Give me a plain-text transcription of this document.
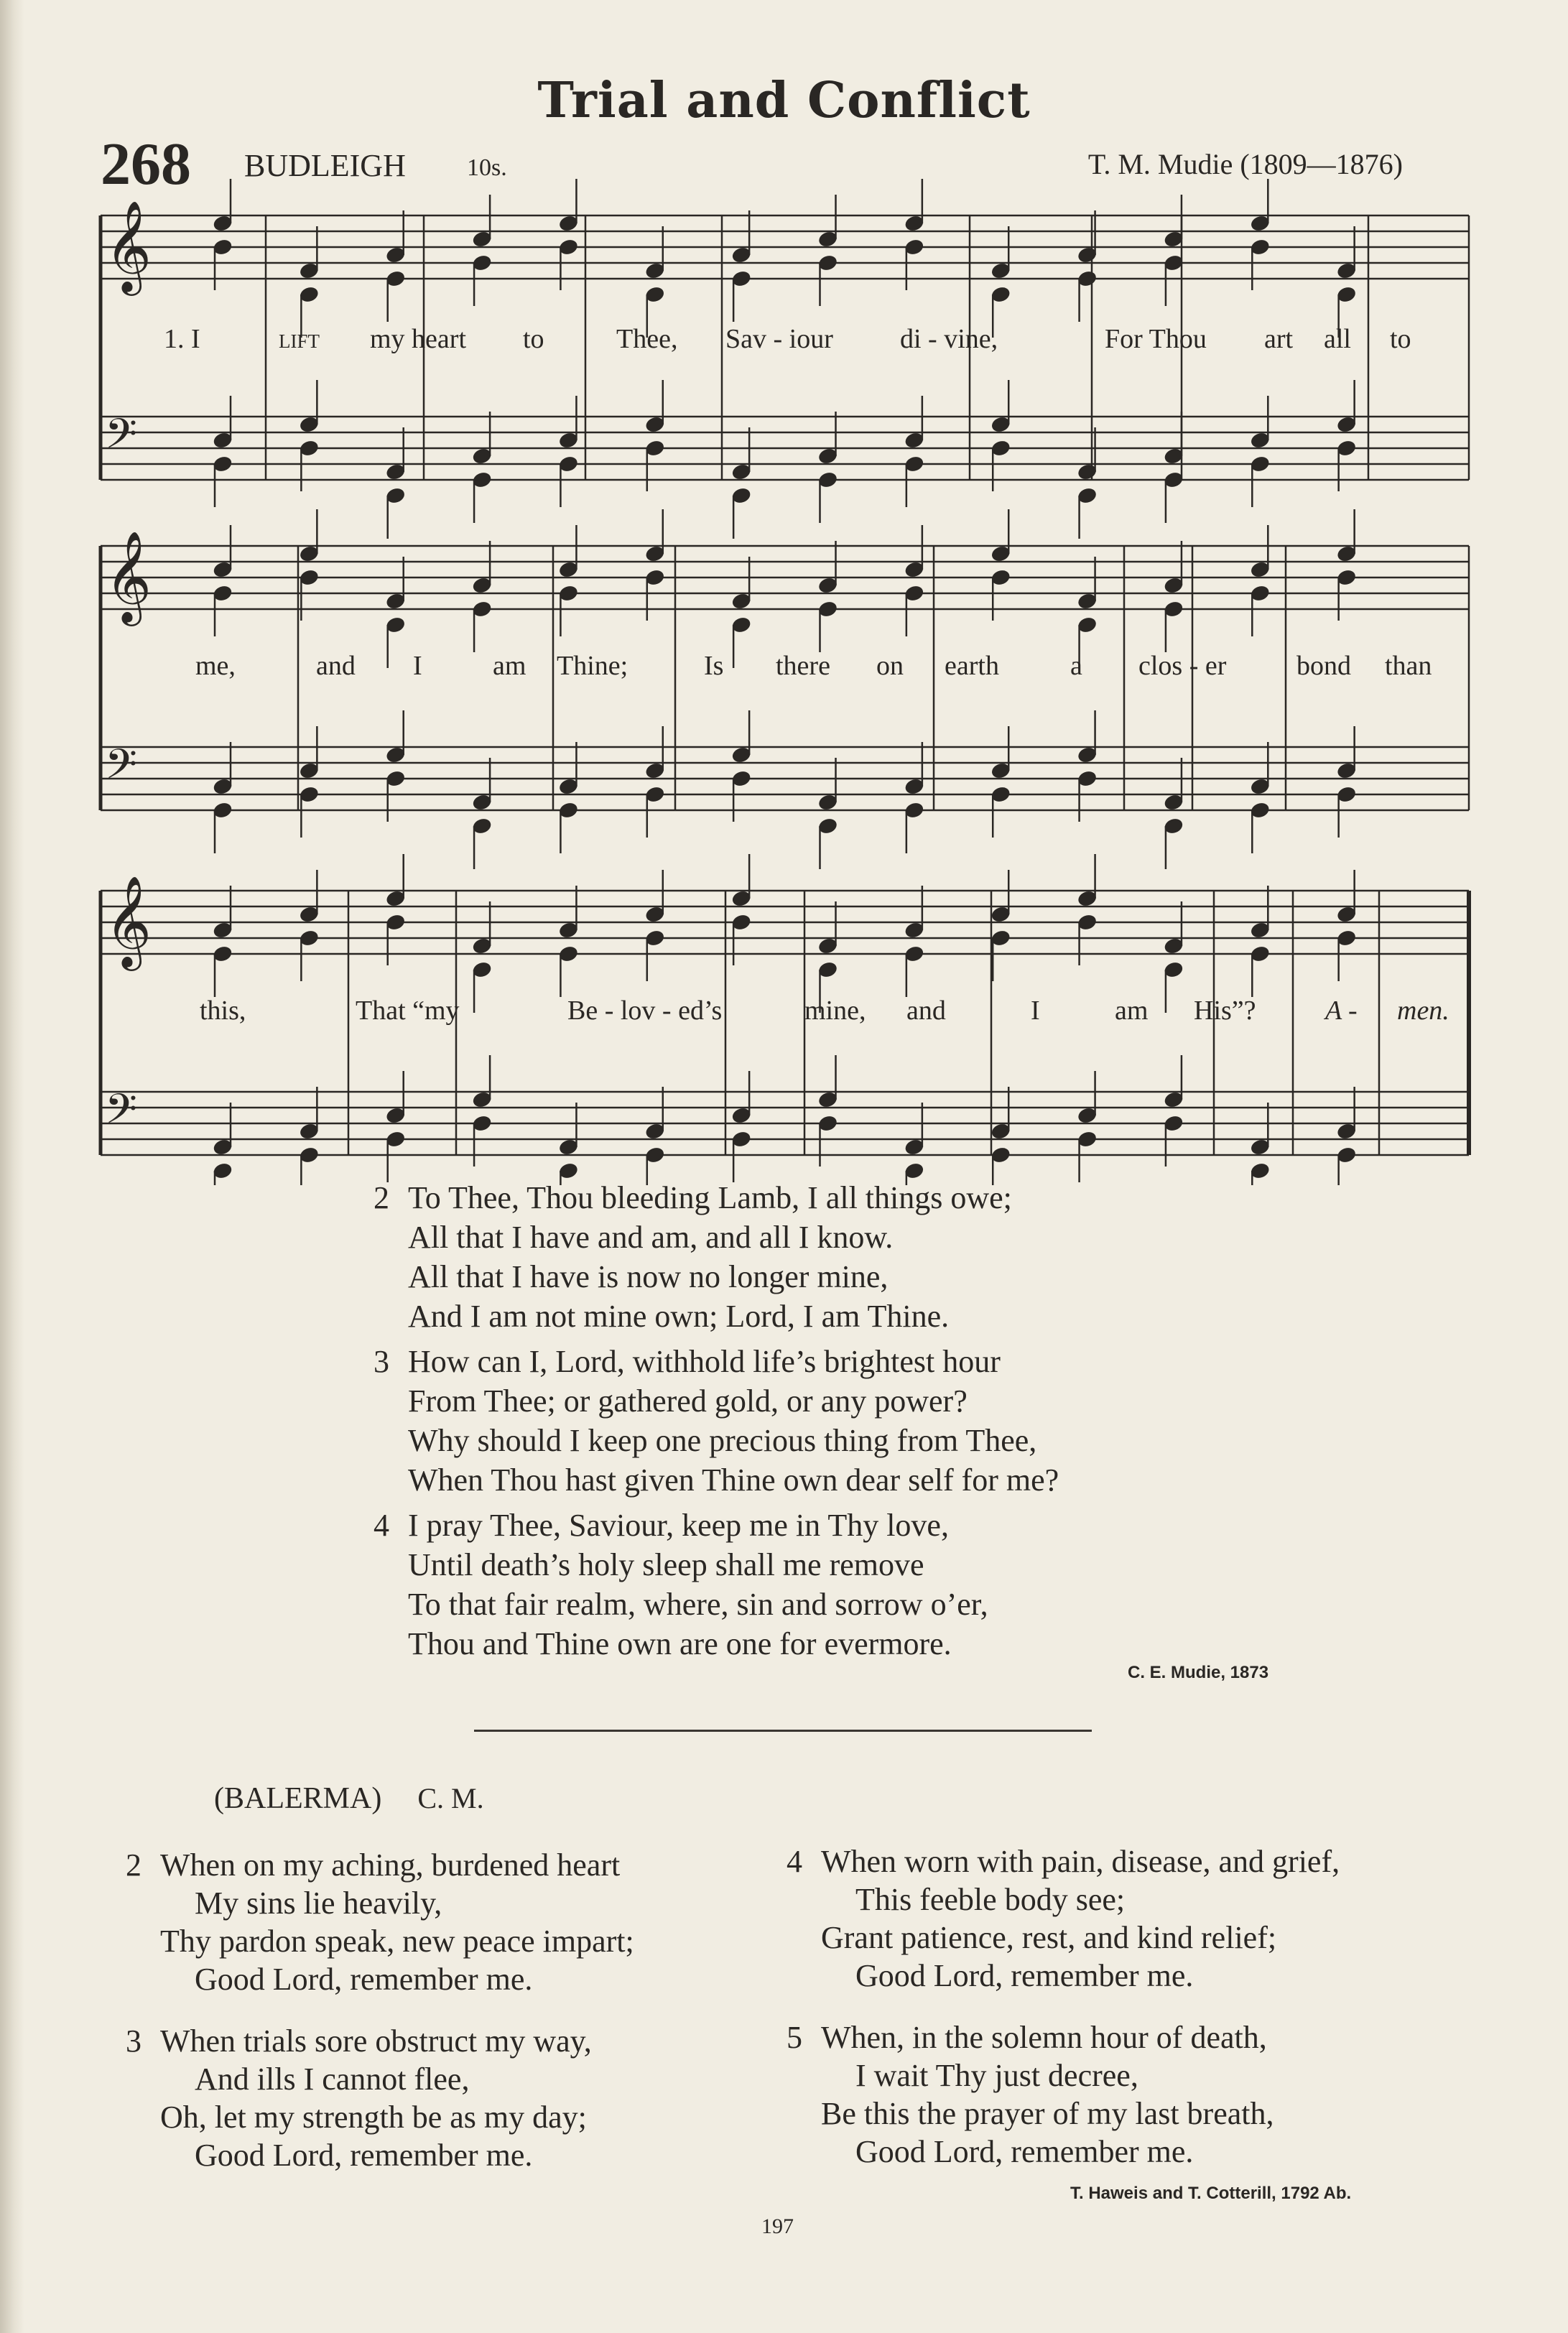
Trial and Conflict
268 BUDLEIGH	10s.	T. M. Mudie (1809—1876)
𝄞
𝄢
𝄞
𝄢
𝄞
𝄢
1. I	lift my heart to	Thee, Sav - iour di - vine,	For Thou art all to
me,	and I	am Thine;	Is there on earth	a clos - er	bond than
this,	That “my	Be - lov - ed’s	mine, and	I	am His”?	A - men.
2 To Thee, Thou bleeding Lamb, I all things owe;
All that I have and am, and all I know.
All that I have is now no longer mine,
And I am not mine own; Lord, I am Thine.
3 How can I, Lord, withhold life’s brightest hour
From Thee; or gathered gold, or any power?
Why should I keep one precious thing from Thee,
When Thou hast given Thine own dear self for me?
4 I pray Thee, Saviour, keep me in Thy love,
Until death’s holy sleep shall me remove
To that fair realm, where, sin and sorrow o’er,
Thou and Thine own are one for evermore.
C. E. Mudie, 1873
(BALERMA) C. M.
2 When on my aching, burdened heart
My sins lie heavily,
Thy pardon speak, new peace impart;
Good Lord, remember me.
3 When trials sore obstruct my way,
And ills I cannot flee,
Oh, let my strength be as my day;
Good Lord, remember me.
4 When worn with pain, disease, and grief,
This feeble body see;
Grant patience, rest, and kind relief;
Good Lord, remember me.
5 When, in the solemn hour of death,
I wait Thy just decree,
Be this the prayer of my last breath,
Good Lord, remember me.
T. Haweis and T. Cotterill, 1792 Ab.
197
